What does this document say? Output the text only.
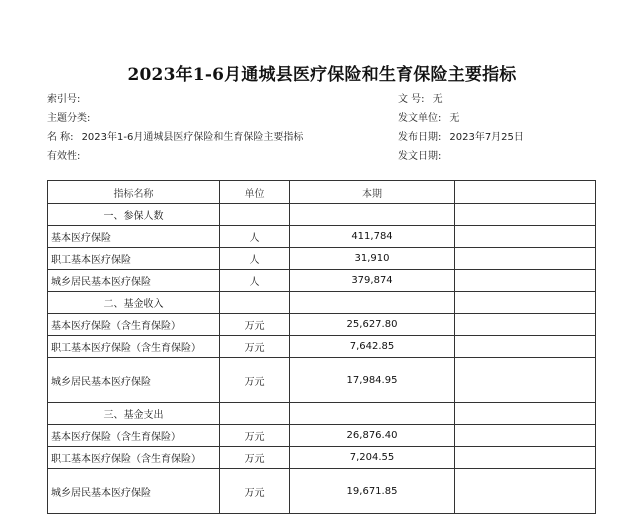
2023年1-6月通城县医疗保险和生育保险主要指标
索引号:	文 号: 无
主题分类:	发文单位: 无
名 称: 2023年1-6月通城县医疗保险和生育保险主要指标	发布日期: 2023年7月25日
有效性:	发文日期:
指标名称	单位	本期	
一、参保人数			
基本医疗保险	人	411,784	
职工基本医疗保险	人	31,910	
城乡居民基本医疗保险	人	379,874	
二、基金收入			
基本医疗保险（含生育保险）	万元	25,627.80	
职工基本医疗保险（含生育保险）	万元	7,642.85	
城乡居民基本医疗保险	万元	17,984.95	
三、基金支出			
基本医疗保险（含生育保险）	万元	26,876.40	
职工基本医疗保险（含生育保险）	万元	7,204.55	
城乡居民基本医疗保险	万元	19,671.85	
